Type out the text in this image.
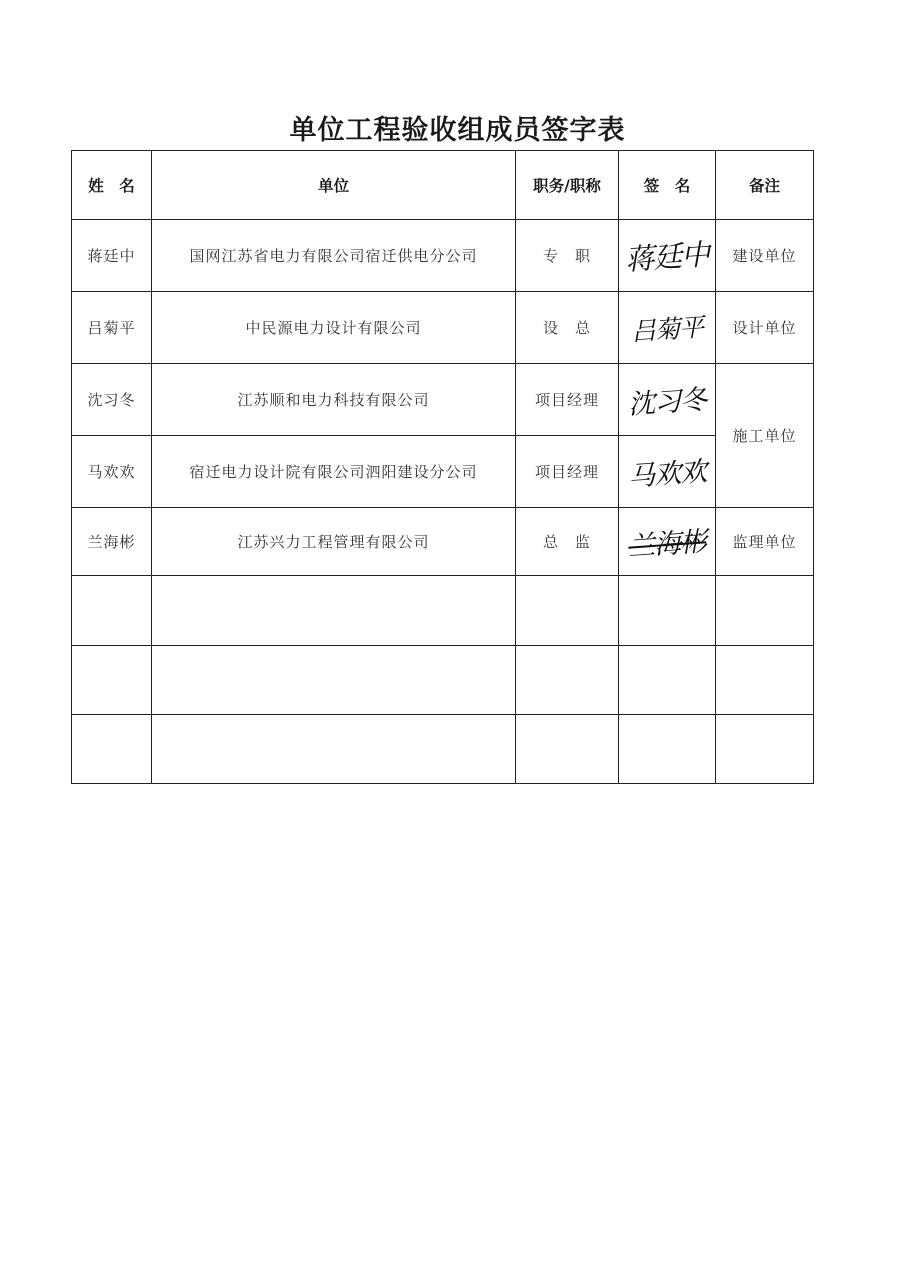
单位工程验收组成员签字表
姓　名	单位	职务/职称	签　名	备注
蒋廷中	国网江苏省电力有限公司宿迁供电分公司	专　职	蒋廷中	建设单位
吕菊平	中民源电力设计有限公司	设　总	吕菊平	设计单位
沈习冬	江苏顺和电力科技有限公司	项目经理	沈习冬	施工单位
马欢欢	宿迁电力设计院有限公司泗阳建设分公司	项目经理	马欢欢	
兰海彬	江苏兴力工程管理有限公司	总　监	兰海彬	监理单位
